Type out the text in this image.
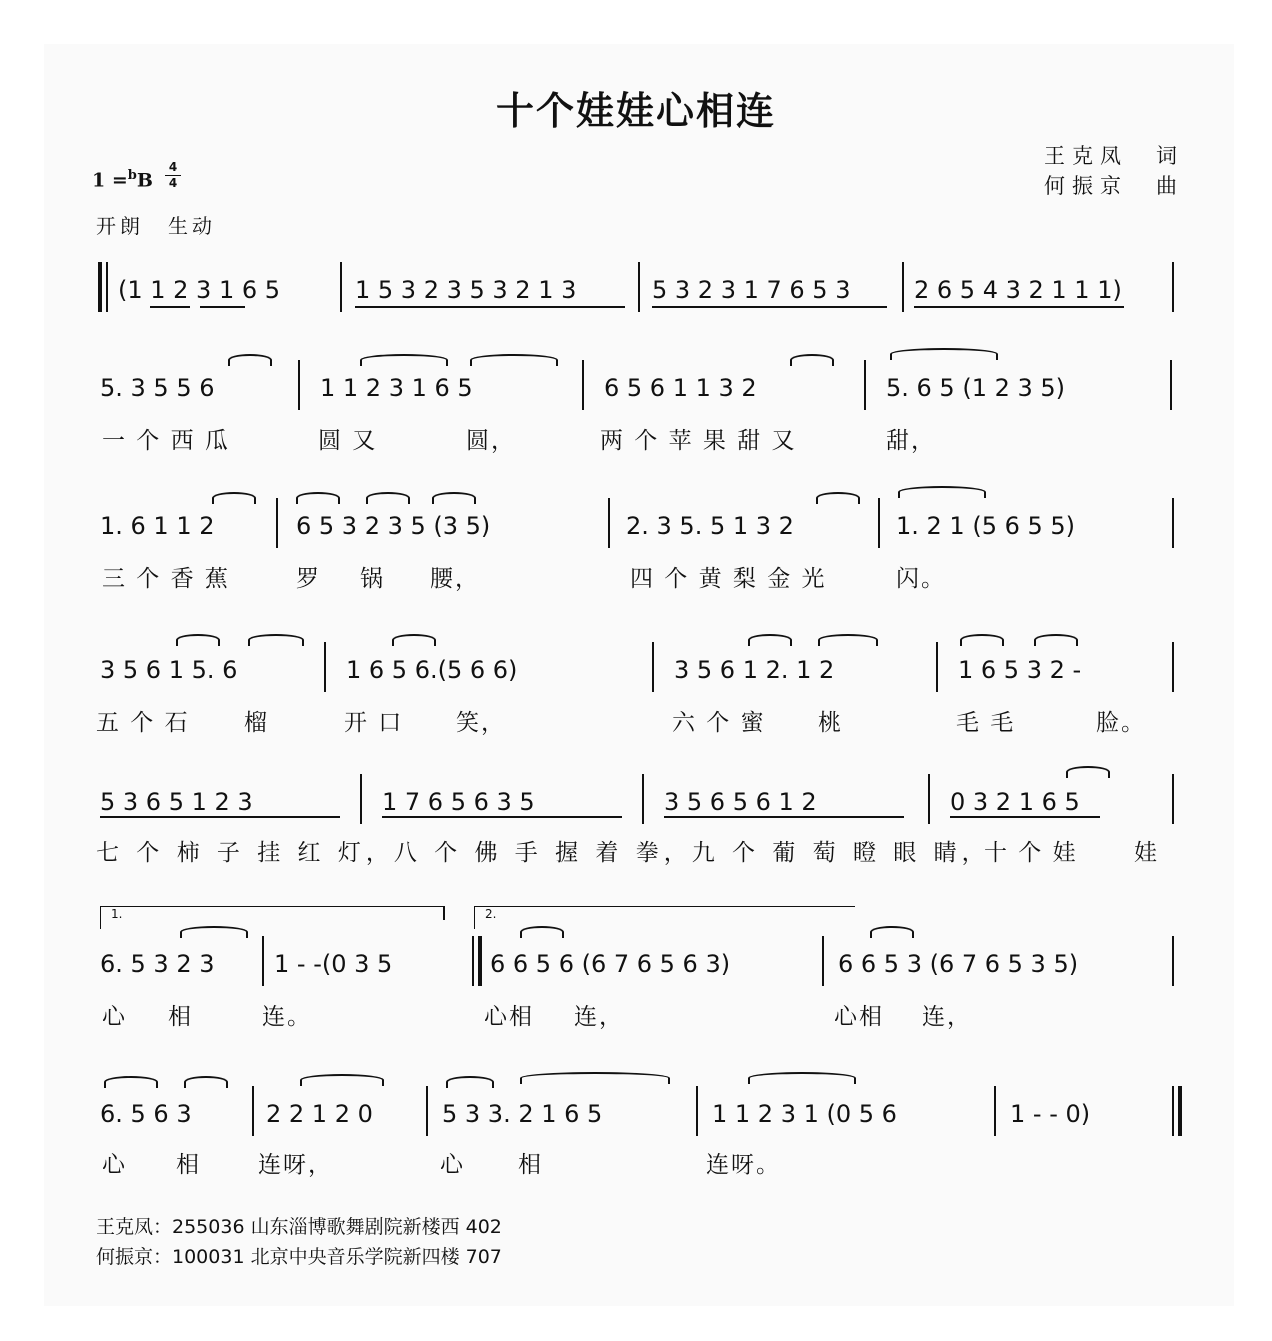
十个娃娃心相连
王克凤　词
何振京　曲
$1 =^bB \frac{4}{4}$
开朗　生动
(1 1 2 3 1 6 5	1 5 3 2 3 5 3 2 1 3	5 3 2 3 1 7 6 5 3	2 6 5 4 3 2 1 1 1)
5. 3 5 5 6	1 1 2 3 1 6 5	6 5 6 1 1 3 2	5. 6 5 (1 2 3 5)
一 个 西 瓜	圆 又	圆，	两 个 苹 果 甜 又	甜，
1. 6 1 1 2	6 5 3 2 3 5 (3 5)	2. 3 5. 5 1 3 2	1. 2 1 (5 6 5 5)
三 个 香 蕉	罗 锅 腰，	四 个 黄 梨 金 光	闪。
3 5 6 1 5. 6	1 6 5 6.(5 6 6)	3 5 6 1 2. 1 2	1 6 5 3 2 -
五 个 石 榴	开 口 笑，	六 个 蜜 桃	毛 毛	脸。
5 3 6 5 1 2 3	1 7 6 5 6 3 5	3 5 6 5 6 1 2	0 3 2 1 6 5
七 个 柿 子 挂 红 灯，八 个 佛 手 握 着 拳，九 个 葡 萄 瞪 眼 睛，
十 个 娃 娃
1.	2.
6. 5 3 2 3 1 - -(0 3 5	6 6 5 6 (6 7 6 5 6 3)	6 6 5 3 (6 7 6 5 3 5)
心 相	连。	心相 连，	心相 连，
6. 5 6 3	2 2 1 2 0	5 3 3. 2 1 6 5	1 1 2 3 1 (0 5 6	1 - - 0)
心 相 连呀，	心 相	连呀。
王克凤：255036 山东淄博歌舞剧院新楼西 402
何振京：100031 北京中央音乐学院新四楼 707
